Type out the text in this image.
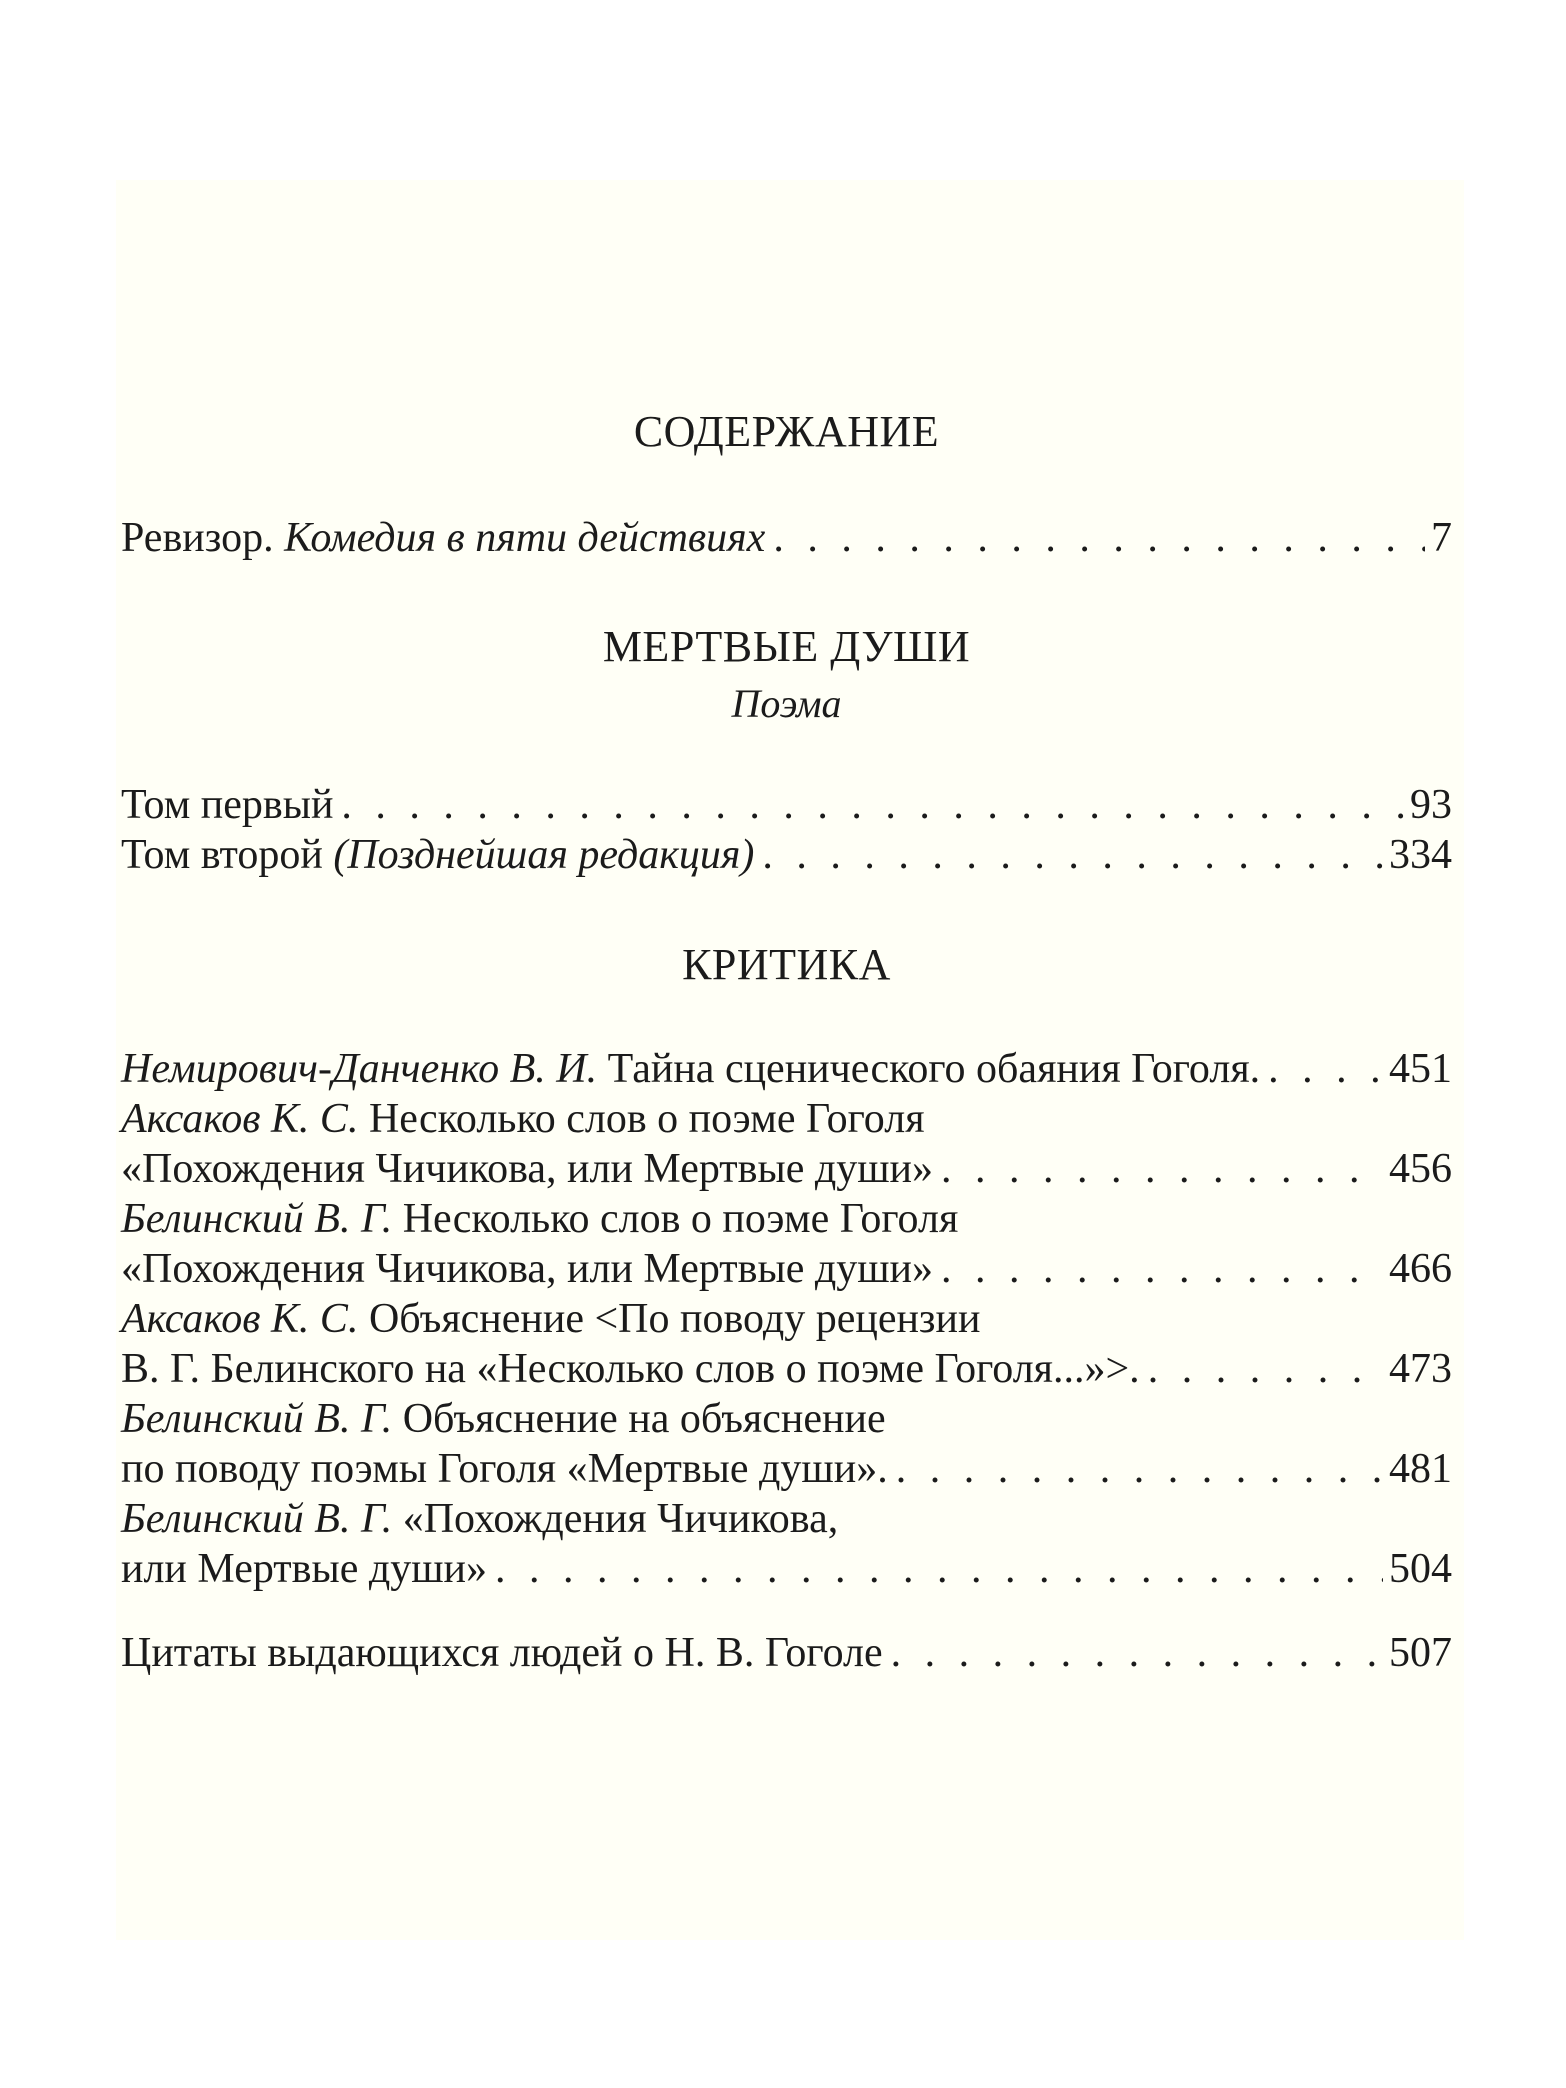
СОДЕРЖАНИЕ
Ревизор. Комедия в пяти действиях . . .	7
МЕРТВЫЕ ДУШИ
Поэма
Том первый . . .	93
Том второй (Позднейшая редакция) . . .	334
КРИТИКА
Немирович-Данченко В. И. Тайна сценического обаяния Гоголя. . . .	451
Аксаков К. С. Несколько слов о поэме Гоголя
«Похождения Чичикова, или Мертвые души» . . .	456
Белинский В. Г. Несколько слов о поэме Гоголя
«Похождения Чичикова, или Мертвые души» . . .	466
Аксаков К. С. Объяснение <По поводу рецензии
В. Г. Белинского на «Несколько слов о поэме Гоголя...»>. . . .	473
Белинский В. Г. Объяснение на объяснение
по поводу поэмы Гоголя «Мертвые души». . . .	481
Белинский В. Г. «Похождения Чичикова,
или Мертвые души» . . .	504
Цитаты выдающихся людей о Н. В. Гоголе . . .	507
